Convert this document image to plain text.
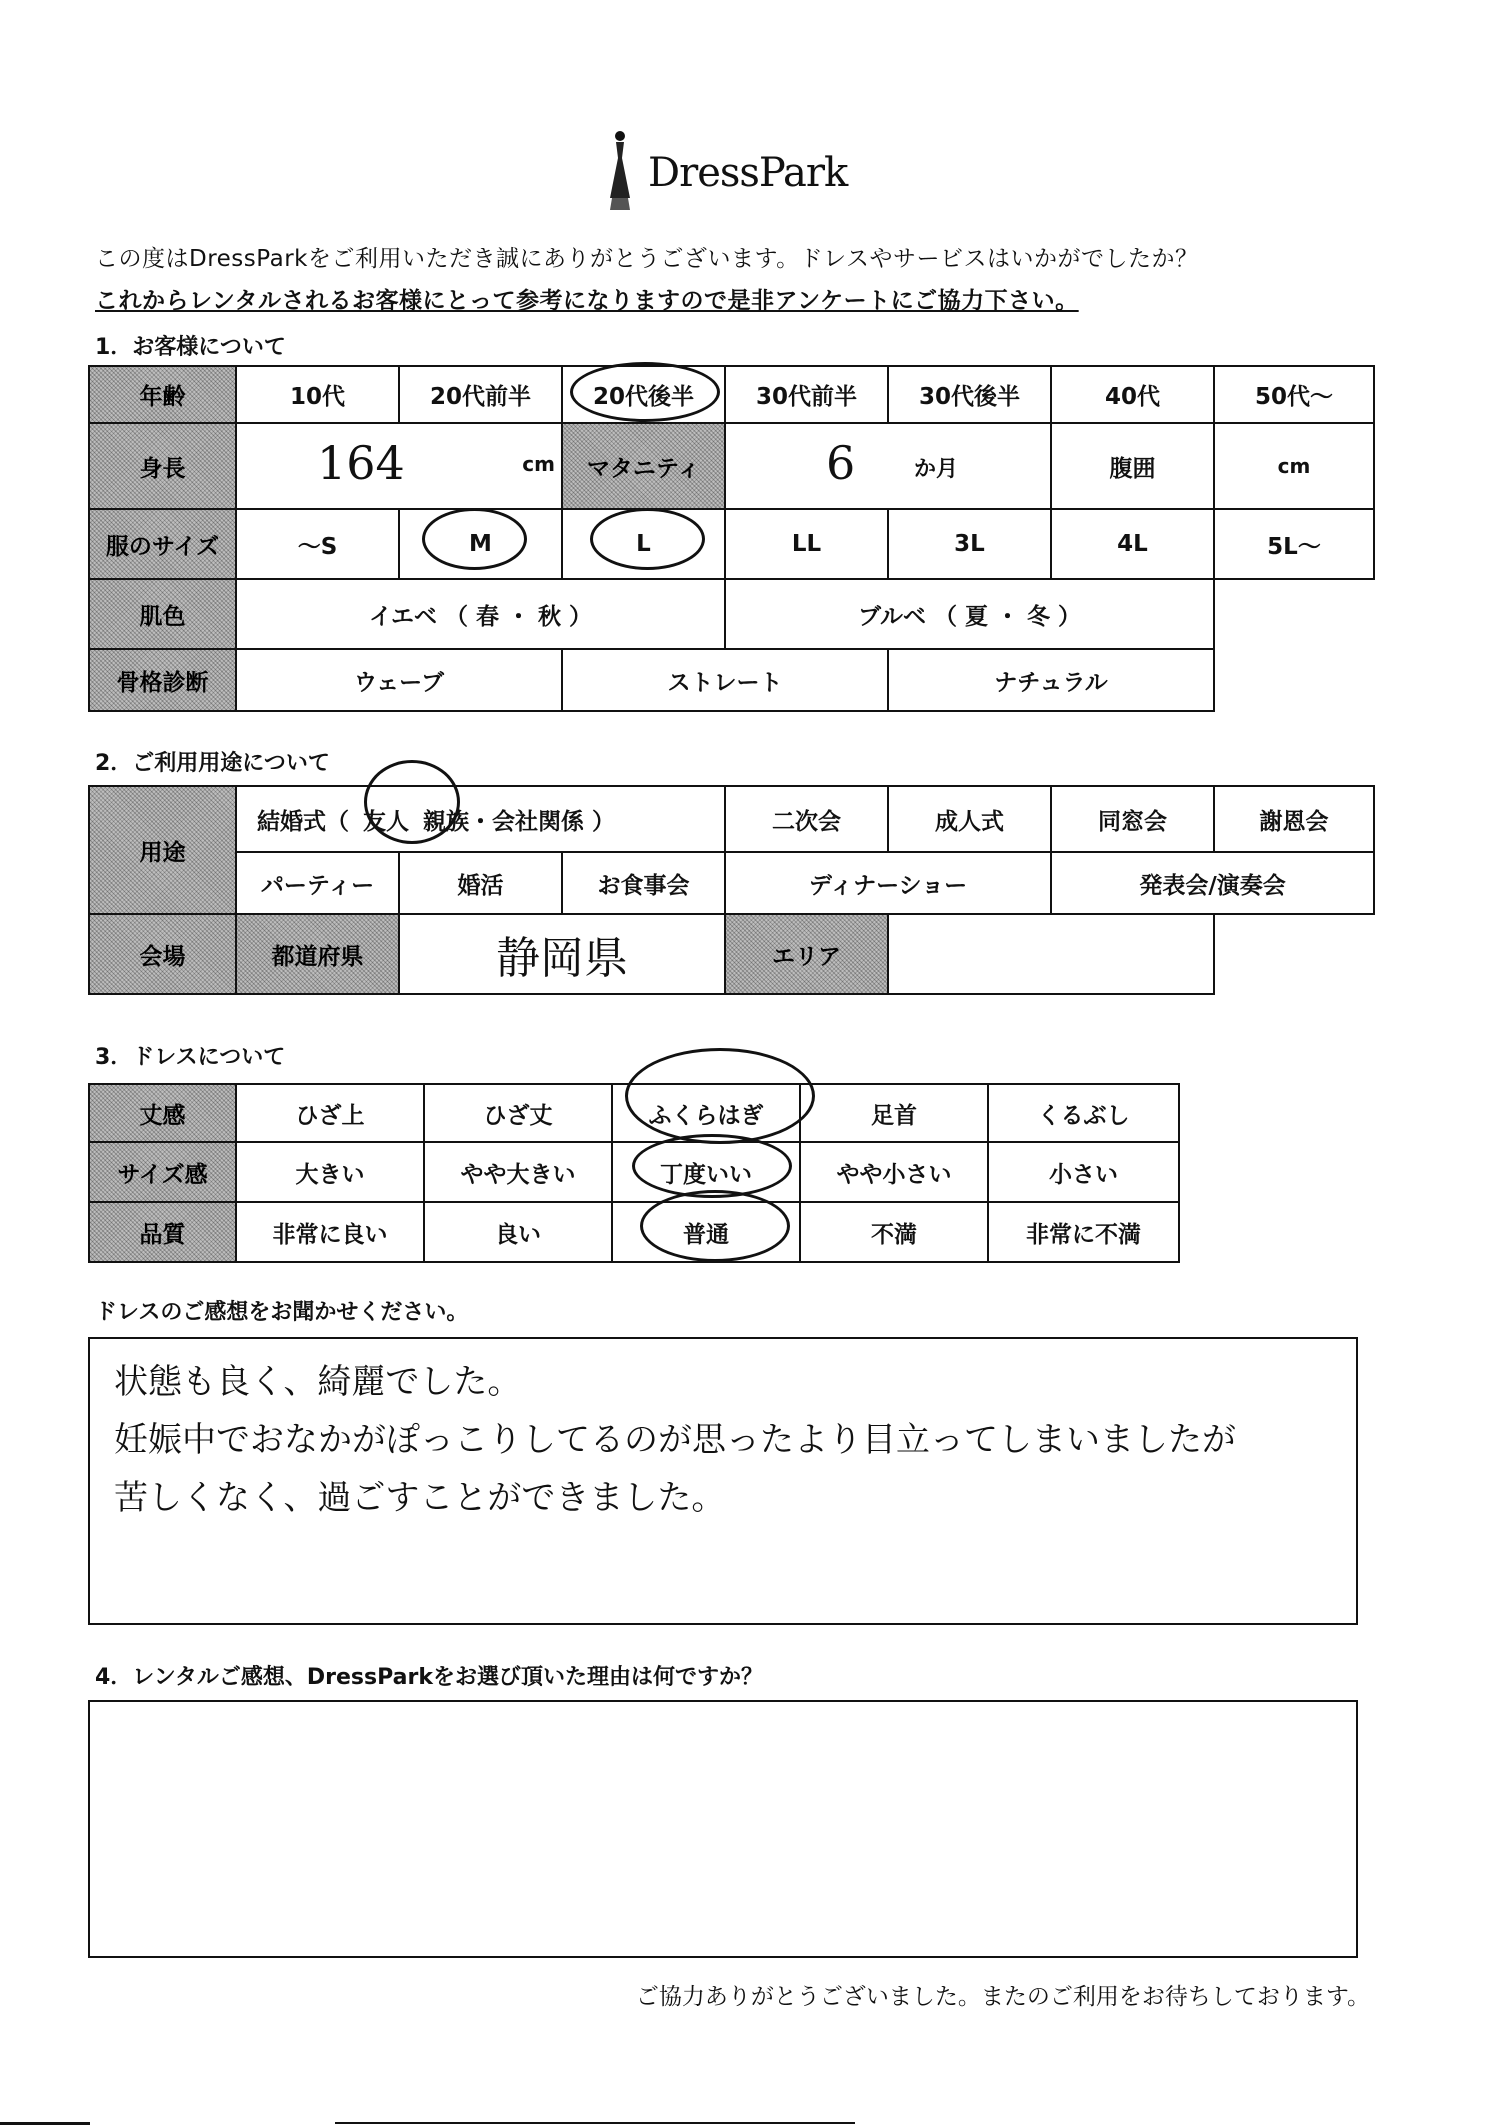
DressPark
この度はDressParkをご利用いただき誠にありがとうございます。ドレスやサービスはいかがでしたか？
これからレンタルされるお客様にとって参考になりますので是非アンケートにご協力下さい。
1．お客様について
年齢	10代	20代前半	20代後半	30代前半	30代後半	40代	50代～
身長	164 cm		マタニティ	6 か月		腹囲	cm
服のサイズ	～S	M	L	LL	3L	4L	5L～
肌色	イエベ （ 春 ・ 秋 ）			ブルベ （ 夏 ・ 冬 ）			
骨格診断	ウェーブ		ストレート		ナチュラル		
2．ご利用用途について
用途	結婚式（ 友人 親族・会社関係 ）			二次会	成人式	同窓会	謝恩会
	パーティー	婚活	お食事会	ディナーショー		発表会/演奏会	
会場	都道府県	静岡県		エリア			
3．ドレスについて
丈感	ひざ上	ひざ丈	ふくらはぎ	足首	くるぶし
サイズ感	大きい	やや大きい	丁度いい	やや小さい	小さい
品質	非常に良い	良い	普通	不満	非常に不満
ドレスのご感想をお聞かせください。
状態も良く、綺麗でした。
妊娠中でおなかがぽっこりしてるのが思ったより目立ってしまいましたが
苦しくなく、過ごすことができました。
4．レンタルご感想、DressParkをお選び頂いた理由は何ですか？
ご協力ありがとうございました。またのご利用をお待ちしております。
